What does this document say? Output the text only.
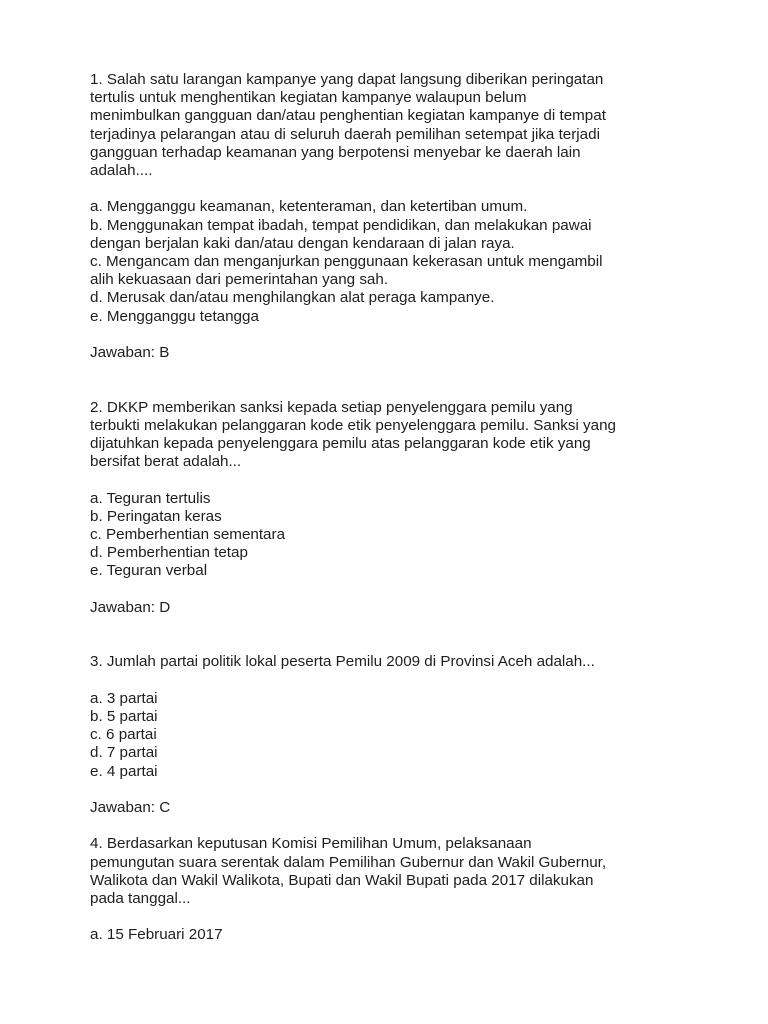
1. Salah satu larangan kampanye yang dapat langsung diberikan peringatan
tertulis untuk menghentikan kegiatan kampanye walaupun belum
menimbulkan gangguan dan/atau penghentian kegiatan kampanye di tempat
terjadinya pelarangan atau di seluruh daerah pemilihan setempat jika terjadi
gangguan terhadap keamanan yang berpotensi menyebar ke daerah lain
adalah....

a. Mengganggu keamanan, ketenteraman, dan ketertiban umum.
b. Menggunakan tempat ibadah, tempat pendidikan, dan melakukan pawai
dengan berjalan kaki dan/atau dengan kendaraan di jalan raya.
c. Mengancam dan menganjurkan penggunaan kekerasan untuk mengambil
alih kekuasaan dari pemerintahan yang sah.
d. Merusak dan/atau menghilangkan alat peraga kampanye.
e. Mengganggu tetangga

Jawaban: B

2. DKKP memberikan sanksi kepada setiap penyelenggara pemilu yang
terbukti melakukan pelanggaran kode etik penyelenggara pemilu. Sanksi yang
dijatuhkan kepada penyelenggara pemilu atas pelanggaran kode etik yang
bersifat berat adalah...

a. Teguran tertulis
b. Peringatan keras
c. Pemberhentian sementara
d. Pemberhentian tetap
e. Teguran verbal

Jawaban: D

3. Jumlah partai politik lokal peserta Pemilu 2009 di Provinsi Aceh adalah...

a. 3 partai
b. 5 partai
c. 6 partai
d. 7 partai
e. 4 partai

Jawaban: C

4. Berdasarkan keputusan Komisi Pemilihan Umum, pelaksanaan
pemungutan suara serentak dalam Pemilihan Gubernur dan Wakil Gubernur,
Walikota dan Wakil Walikota, Bupati dan Wakil Bupati pada 2017 dilakukan
pada tanggal...

a. 15 Februari 2017
